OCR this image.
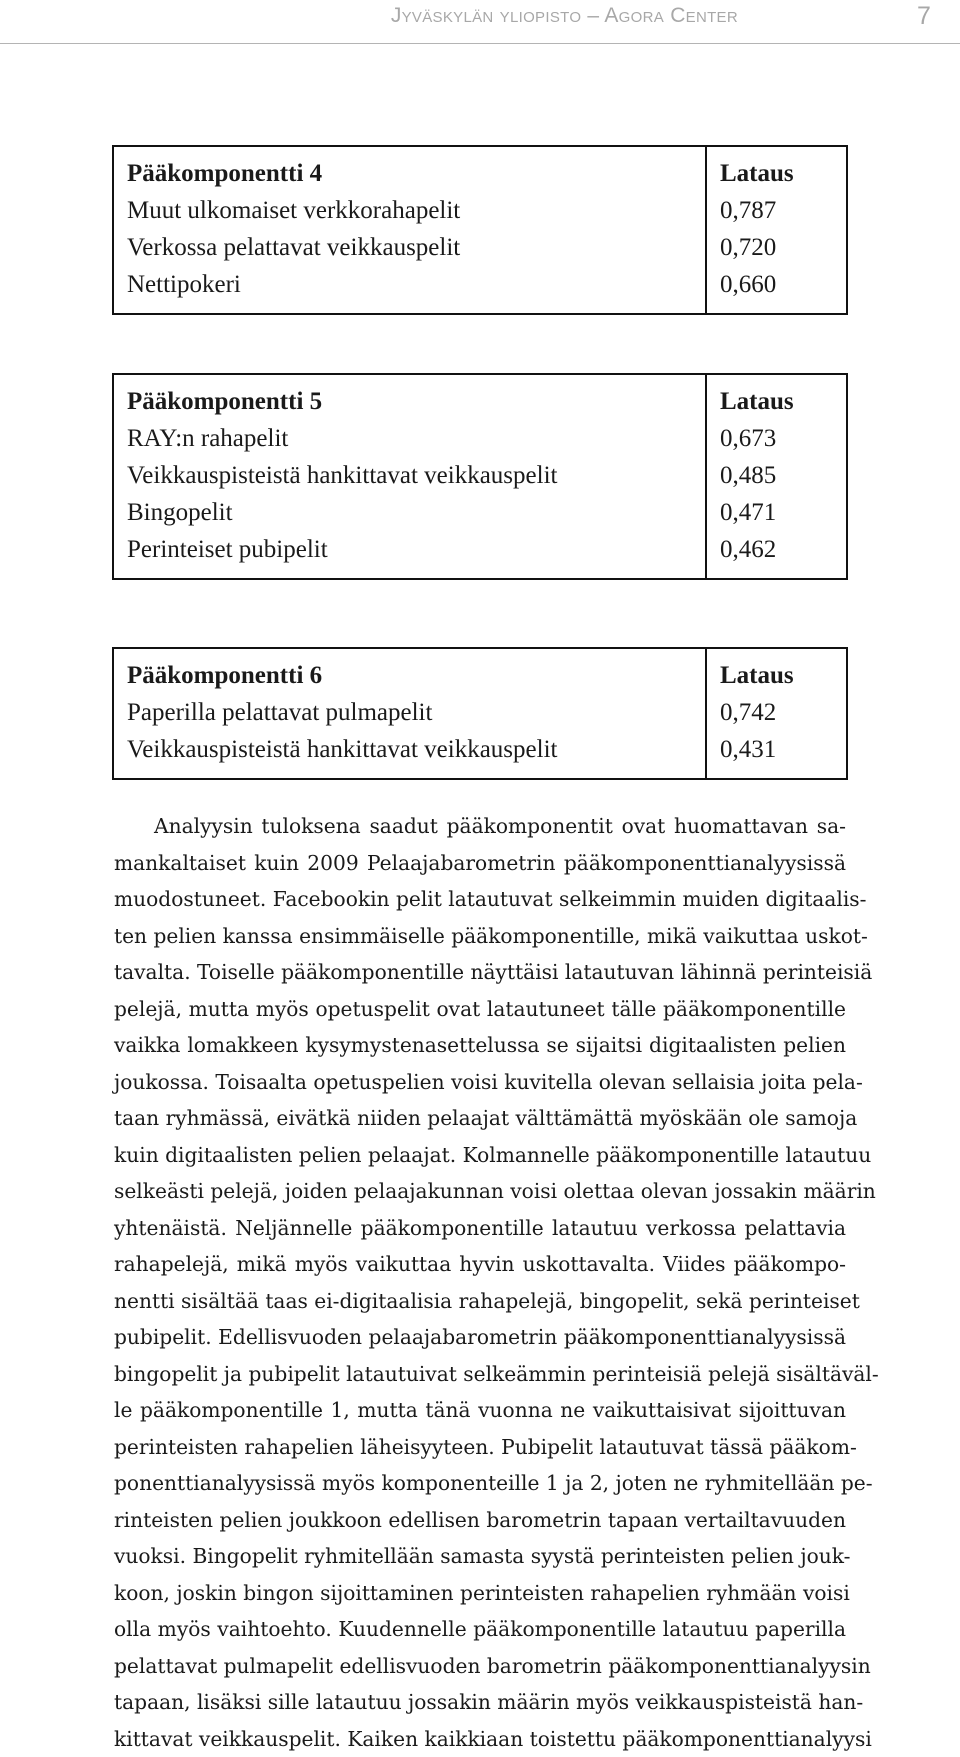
Jyväskylän yliopisto – Agora Center	7
Pääkomponentti 4	Lataus
Muut ulkomaiset verkkorahapelit	0,787
Verkossa pelattavat veikkauspelit	0,720
Nettipokeri	0,660
Pääkomponentti 5	Lataus
RAY:n rahapelit	0,673
Veikkauspisteistä hankittavat veikkauspelit	0,485
Bingopelit	0,471
Perinteiset pubipelit	0,462
Pääkomponentti 6	Lataus
Paperilla pelattavat pulmapelit	0,742
Veikkauspisteistä hankittavat veikkauspelit	0,431

Analyysin tuloksena saadut pääkomponentit ovat huomattavan sa-
mankaltaiset kuin 2009 Pelaajabarometrin pääkomponenttianalyysissä
muodostuneet. Facebookin pelit latautuvat selkeimmin muiden digitaalis-
ten pelien kanssa ensimmäiselle pääkomponentille, mikä vaikuttaa uskot-
tavalta. Toiselle pääkomponentille näyttäisi latautuvan lähinnä perinteisiä
pelejä, mutta myös opetuspelit ovat latautuneet tälle pääkomponentille
vaikka lomakkeen kysymystenasettelussa se sijaitsi digitaalisten pelien
joukossa. Toisaalta opetuspelien voisi kuvitella olevan sellaisia joita pela-
taan ryhmässä, eivätkä niiden pelaajat välttämättä myöskään ole samoja
kuin digitaalisten pelien pelaajat. Kolmannelle pääkomponentille latautuu
selkeästi pelejä, joiden pelaajakunnan voisi olettaa olevan jossakin määrin
yhtenäistä. Neljännelle pääkomponentille latautuu verkossa pelattavia
rahapelejä, mikä myös vaikuttaa hyvin uskottavalta. Viides pääkompo-
nentti sisältää taas ei-digitaalisia rahapelejä, bingopelit, sekä perinteiset
pubipelit. Edellisvuoden pelaajabarometrin pääkomponenttianalyysissä
bingopelit ja pubipelit latautuivat selkeämmin perinteisiä pelejä sisältäväl-
le pääkomponentille 1, mutta tänä vuonna ne vaikuttaisivat sijoittuvan
perinteisten rahapelien läheisyyteen. Pubipelit latautuvat tässä pääkom-
ponenttianalyysissä myös komponenteille 1 ja 2, joten ne ryhmitellään pe-
rinteisten pelien joukkoon edellisen barometrin tapaan vertailtavuuden
vuoksi. Bingopelit ryhmitellään samasta syystä perinteisten pelien jouk-
koon, joskin bingon sijoittaminen perinteisten rahapelien ryhmään voisi
olla myös vaihtoehto. Kuudennelle pääkomponentille latautuu paperilla
pelattavat pulmapelit edellisvuoden barometrin pääkomponenttianalyysin
tapaan, lisäksi sille latautuu jossakin määrin myös veikkauspisteistä han-
kittavat veikkauspelit. Kaiken kaikkiaan toistettu pääkomponenttianalyysi
